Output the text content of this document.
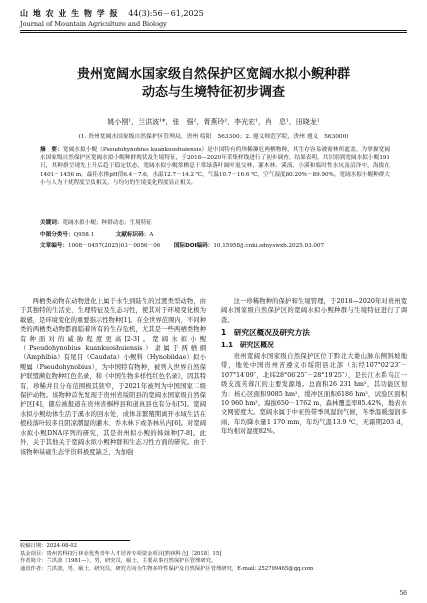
山 地 农 业 生 物 学 报 44(3):56－61,2025
Journal of Mountain Agriculture and Biology
贵州宽阔水国家级自然保护区宽阔水拟小鲵种群
动态与生境特征初步调查
姚小刚¹，兰洪波¹*，张　强²，胥燕玲²，李光宏¹，肖　息¹，田晓龙¹
(1. 贵州宽阔水国家级自然保护区管理局，贵州 绥阳　563300；2. 遵义师范学院，贵州 遵义　563000)
摘　要：宽阔水拟小鲵（Pseudohynobius kuankuoshuiensis）是中国特有的珍稀濒危两栖物种，其生存容易被密林所遮盖。为掌握宽阔水国家级自然保护区宽阔水拟小鲵种群现状及生境特征，于2018—2020年采集样线进行了初步调查。结果表明，共识别到宽阔水拟小鲵191只，其种群呈现先上升后趋于稳定状态，宽阔水拟小鲵常栖息于常绿落叶阔叶混交林、灌木林、溪流、小溪和临时性水坑及沼泽中，海拔在1401－1456 m。最佳水体pH值6.4－7.6，水温12.7－14.2 ℃，气温10.7－16.6 ℃，空气湿度80.20%－89.90%。宽阔水拟小鲵种群大小与人为干扰程度呈负相关，与均匀的生境变化程度显正相关。
关键词：宽阔水拟小鲵；种群动态；生境特征
中图分类号：Q958.1	文献标识码：A
文章编号：1008－0457(2025)03－0056－06 国际DOI编码：10.15958/j.cnki.sdnyswxb.2025.03.007

两栖类动物在动物进化上属于水生到陆生的过渡类型动物，由于其独特的生活史、生理特征及生态习性，使其对于环境变化极为敏感，是环境变化的重要指示性物种[1]。在全世界范围内，不同种类的两栖类动物都面临着所有的生存危机，尤其是一些两栖类物种有种面对的威胁程度更高[2-3]。宽阔水拟小鲵（Pseudohynobius kuankuoshuiensis）隶属于两栖纲（Amphibia）有尾目（Caudata）小鲵科（Hynobiidae）拟小鲵属（Pseudohynobius），为中国特有物种，被列入世界自然保护联盟濒危物种红色名录，和《中国生物多样性红色名录》，因其特有，珍稀并且分布范围极其狭窄，于2021年被列为中国国家二级保护动物。该物种首先发现于贵州省绥阳县的宽阔水国家级自然保护区[4]，随后被报道在贵州省桐梓县和道真县也有分布[5]。宽阔水拟小鲵幼体生活于溪水的回水处，成体非繁殖期离开水域生活在植枝落叶较多且阴凉潮湿的灌木、乔木林下或茶林丛内[6]。对宽阔水拟小鲵DNA序列的研究，其是贵州拟小鲵的姊妹种[7-8]。此外，关于其他关于宽阔水拟小鲵种群和生态习性方面的研究。由于该物种基础生态学资料极度缺乏，为加强

这一珍稀物种的保护和生境管理，于2018—2020年对贵州宽阔水国家级自然保护区的宽阔水拟小鲵种群与生境特征进行了调查。

1　研究区概况及研究方法
1.1　研究区概况

贵州宽阔水国家级自然保护区位于黔北大娄山脉东侧斜坡地带，地处中国贵州省遵义市绥阳县北部（东经107°02′23″－107°14′09″，北纬28°06′25″－28°19′25″），是长江水系乌江一级支流芙蓉江的主要发源地。总面积26 231 hm²，其功能区划为：核心区面积9085 hm²，缓冲区面积6186 hm²，试验区面积10 960 hm²。海拔650－1762 m，森林覆盖率85.42%，地表水文网密度大。宽阔水属于中亚热带季风湿润气候，冬季温暖湿润多雨，年均降水量1 170 mm，年均气温13.9 ℃，无霜期203 d，年均相对湿度82%。

收稿日期：2024-08-02
基金项目：贵州省科技厅林业优秀青年人才培养专项资金项目[黔林科合J［2018］15]
作者简介：兰洪波（1981—），男，研究员，硕士，主要从事自然保护区管理研究。
通讯作者：兰洪波，男，硕士，研究员，研究方向为生物多样性保护及自然保护区管理研究，E-mail: 252799465@qq.com
56
